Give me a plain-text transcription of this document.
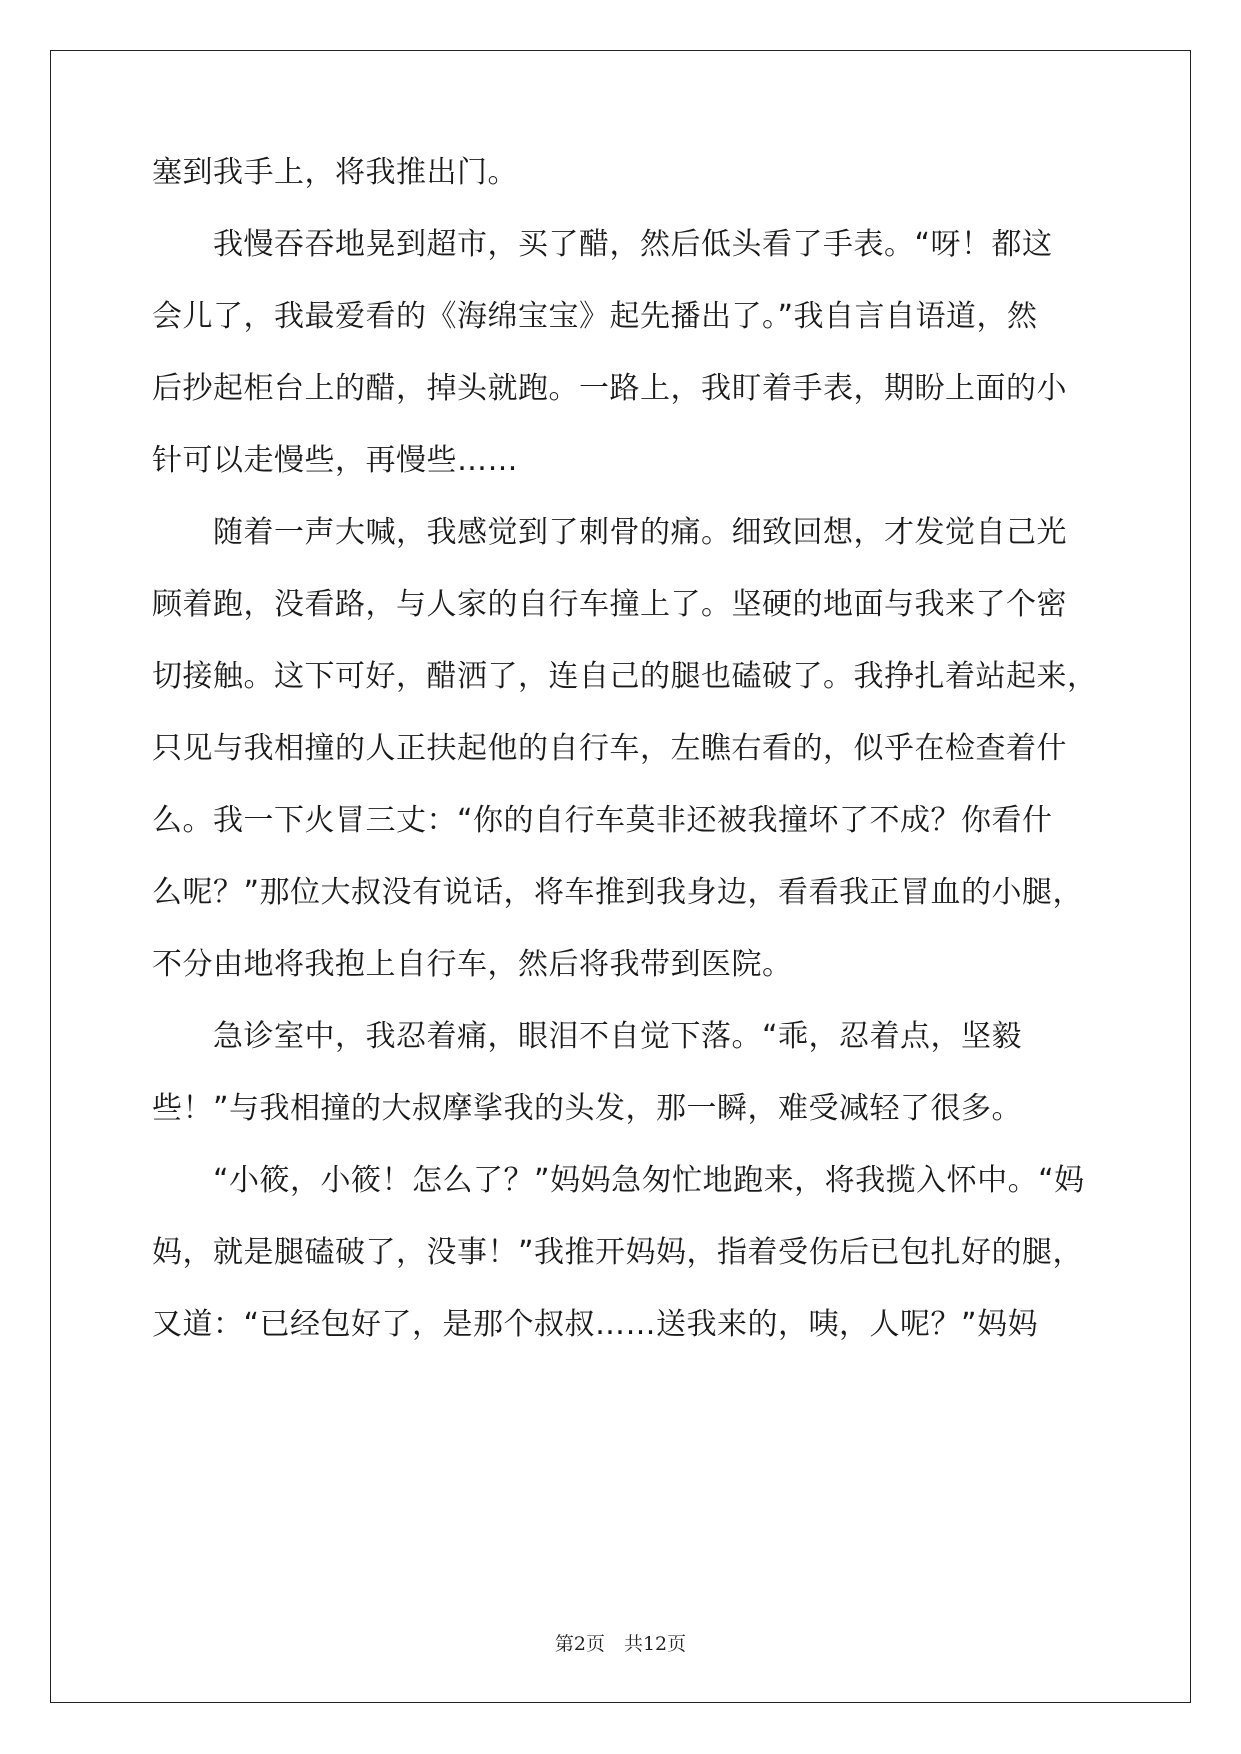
塞到我手上，将我推出门。
　　我慢吞吞地晃到超市，买了醋，然后低头看了手表。“呀！都这
会儿了，我最爱看的《海绵宝宝》起先播出了。”我自言自语道，然
后抄起柜台上的醋，掉头就跑。一路上，我盯着手表，期盼上面的小
针可以走慢些，再慢些……
　　随着一声大喊，我感觉到了刺骨的痛。细致回想，才发觉自己光
顾着跑，没看路，与人家的自行车撞上了。坚硬的地面与我来了个密
切接触。这下可好，醋洒了，连自己的腿也磕破了。我挣扎着站起来，
只见与我相撞的人正扶起他的自行车，左瞧右看的，似乎在检查着什
么。我一下火冒三丈：“你的自行车莫非还被我撞坏了不成？你看什
么呢？”那位大叔没有说话，将车推到我身边，看看我正冒血的小腿，
不分由地将我抱上自行车，然后将我带到医院。
　　急诊室中，我忍着痛，眼泪不自觉下落。“乖，忍着点，坚毅
些！”与我相撞的大叔摩挲我的头发，那一瞬，难受减轻了很多。
　　“小筱，小筱！怎么了？”妈妈急匆忙地跑来，将我揽入怀中。“妈
妈，就是腿磕破了，没事！”我推开妈妈，指着受伤后已包扎好的腿，
又道：“已经包好了，是那个叔叔……送我来的，咦，人呢？”妈妈
第2页　共12页
